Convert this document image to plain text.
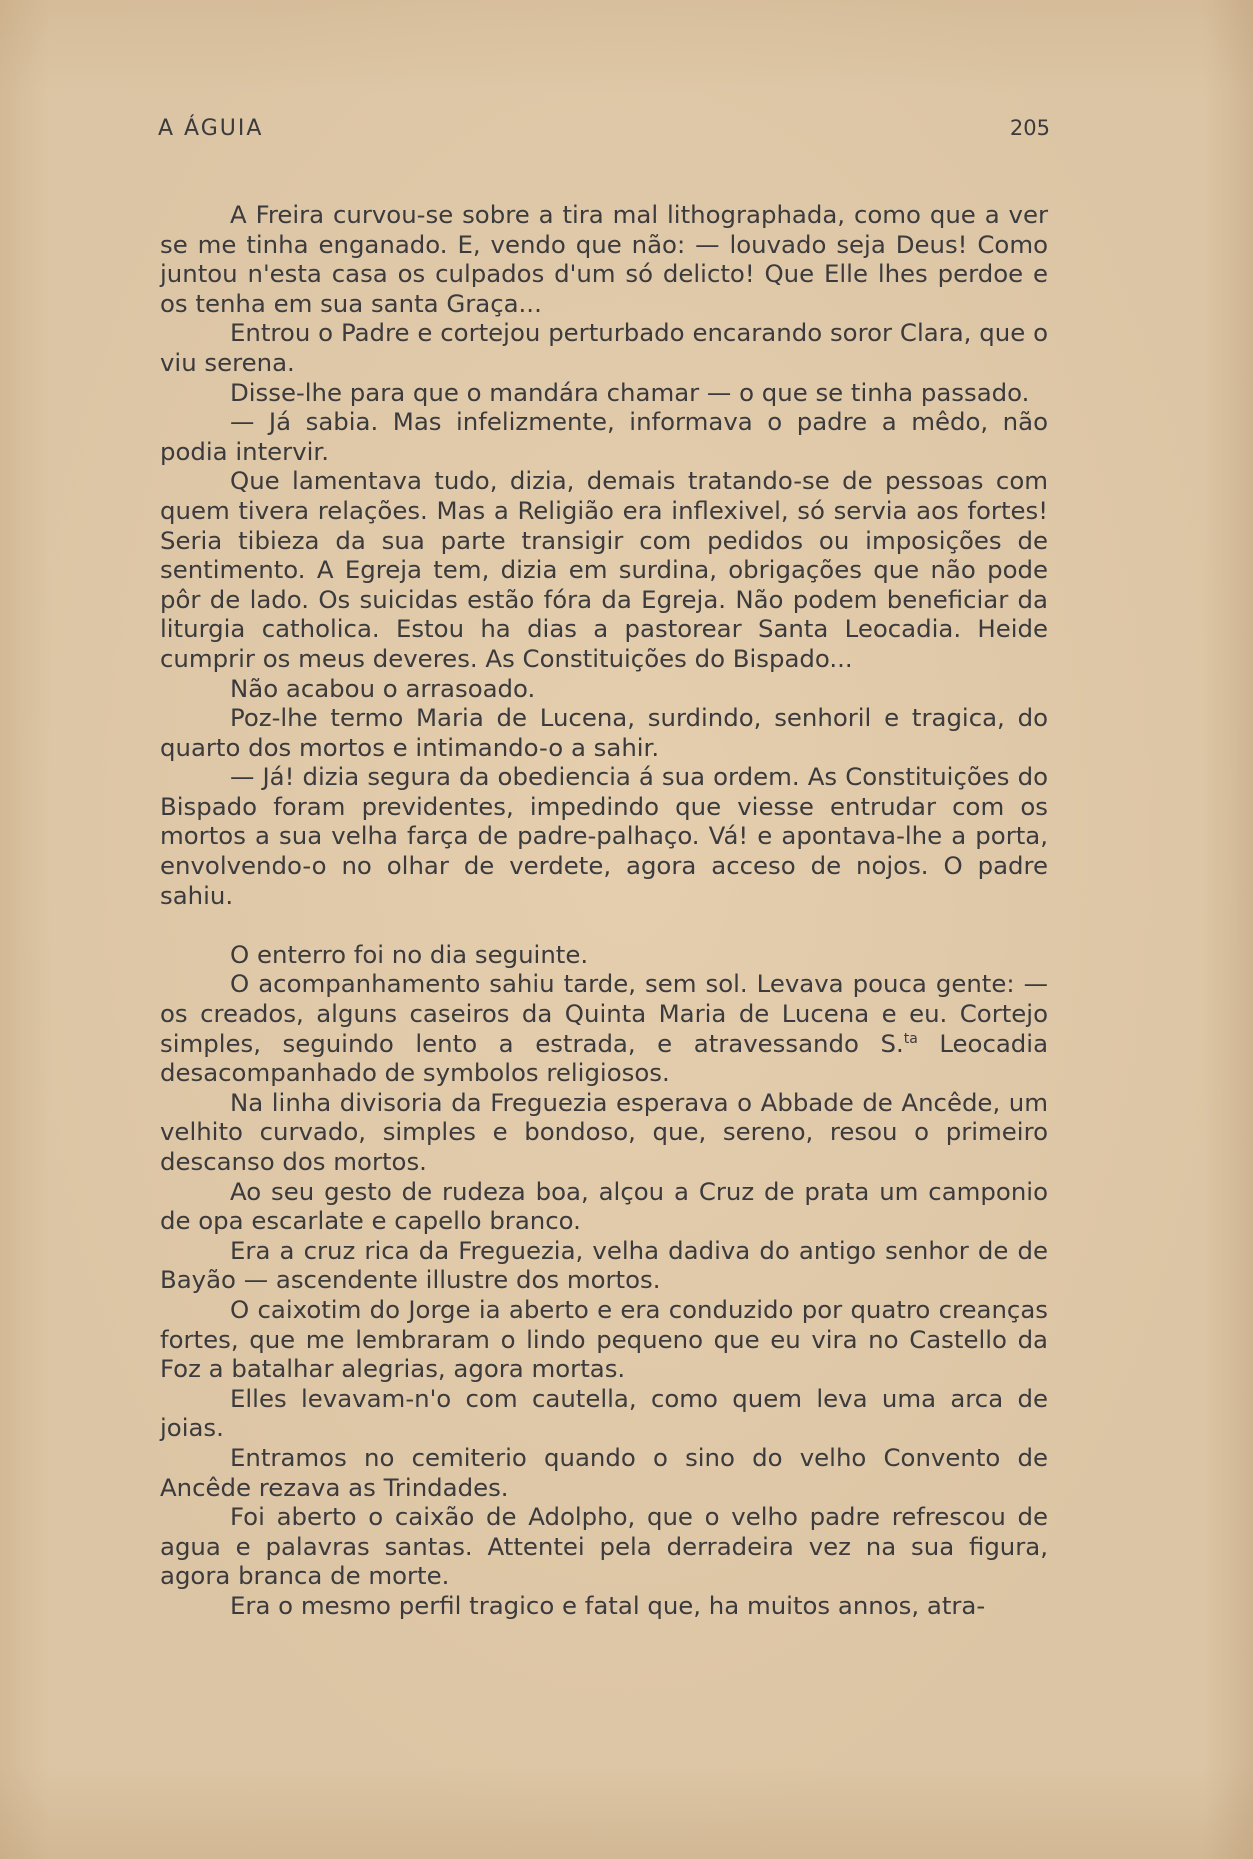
A ÁGUIA	205

A Freira curvou-se sobre a tira mal lithographada, como que a ver se me tinha enganado. E, vendo que não: — louvado seja Deus! Como juntou n'esta casa os culpados d'um só delicto! Que Elle lhes perdoe e os tenha em sua santa Graça...

Entrou o Padre e cortejou perturbado encarando soror Clara, que o viu serena.

Disse-lhe para que o mandára chamar — o que se tinha passado.

— Já sabia. Mas infelizmente, informava o padre a mêdo, não podia intervir.

Que lamentava tudo, dizia, demais tratando-se de pessoas com quem tivera relações. Mas a Religião era inflexivel, só servia aos fortes! Seria tibieza da sua parte transigir com pedidos ou imposições de sentimento. A Egreja tem, dizia em surdina, obrigações que não pode pôr de lado. Os suicidas estão fóra da Egreja. Não podem beneficiar da liturgia catholica. Estou ha dias a pastorear Santa Leocadia. Heide cumprir os meus deveres. As Constituições do Bispado...

Não acabou o arrasoado.

Poz-lhe termo Maria de Lucena, surdindo, senhoril e tragica, do quarto dos mortos e intimando-o a sahir.

— Já! dizia segura da obediencia á sua ordem. As Constituições do Bispado foram previdentes, impedindo que viesse entrudar com os mortos a sua velha farça de padre-palhaço. Vá! e apontava-lhe a porta, envolvendo-o no olhar de verdete, agora acceso de nojos. O padre sahiu.

O enterro foi no dia seguinte.

O acompanhamento sahiu tarde, sem sol. Levava pouca gente: — os creados, alguns caseiros da Quinta Maria de Lucena e eu. Cortejo simples, seguindo lento a estrada, e atravessando S.$^{ta}$ Leocadia desacompanhado de symbolos religiosos.

Na linha divisoria da Freguezia esperava o Abbade de Ancêde, um velhito curvado, simples e bondoso, que, sereno, resou o primeiro descanso dos mortos.

Ao seu gesto de rudeza boa, alçou a Cruz de prata um camponio de opa escarlate e capello branco.

Era a cruz rica da Freguezia, velha dadiva do antigo senhor de de Bayão — ascendente illustre dos mortos.

O caixotim do Jorge ia aberto e era conduzido por quatro creanças fortes, que me lembraram o lindo pequeno que eu vira no Castello da Foz a batalhar alegrias, agora mortas.

Elles levavam-n'o com cautella, como quem leva uma arca de joias.

Entramos no cemiterio quando o sino do velho Convento de Ancêde rezava as Trindades.

Foi aberto o caixão de Adolpho, que o velho padre refrescou de agua e palavras santas. Attentei pela derradeira vez na sua figura, agora branca de morte.

Era o mesmo perfil tragico e fatal que, ha muitos annos, atra-
